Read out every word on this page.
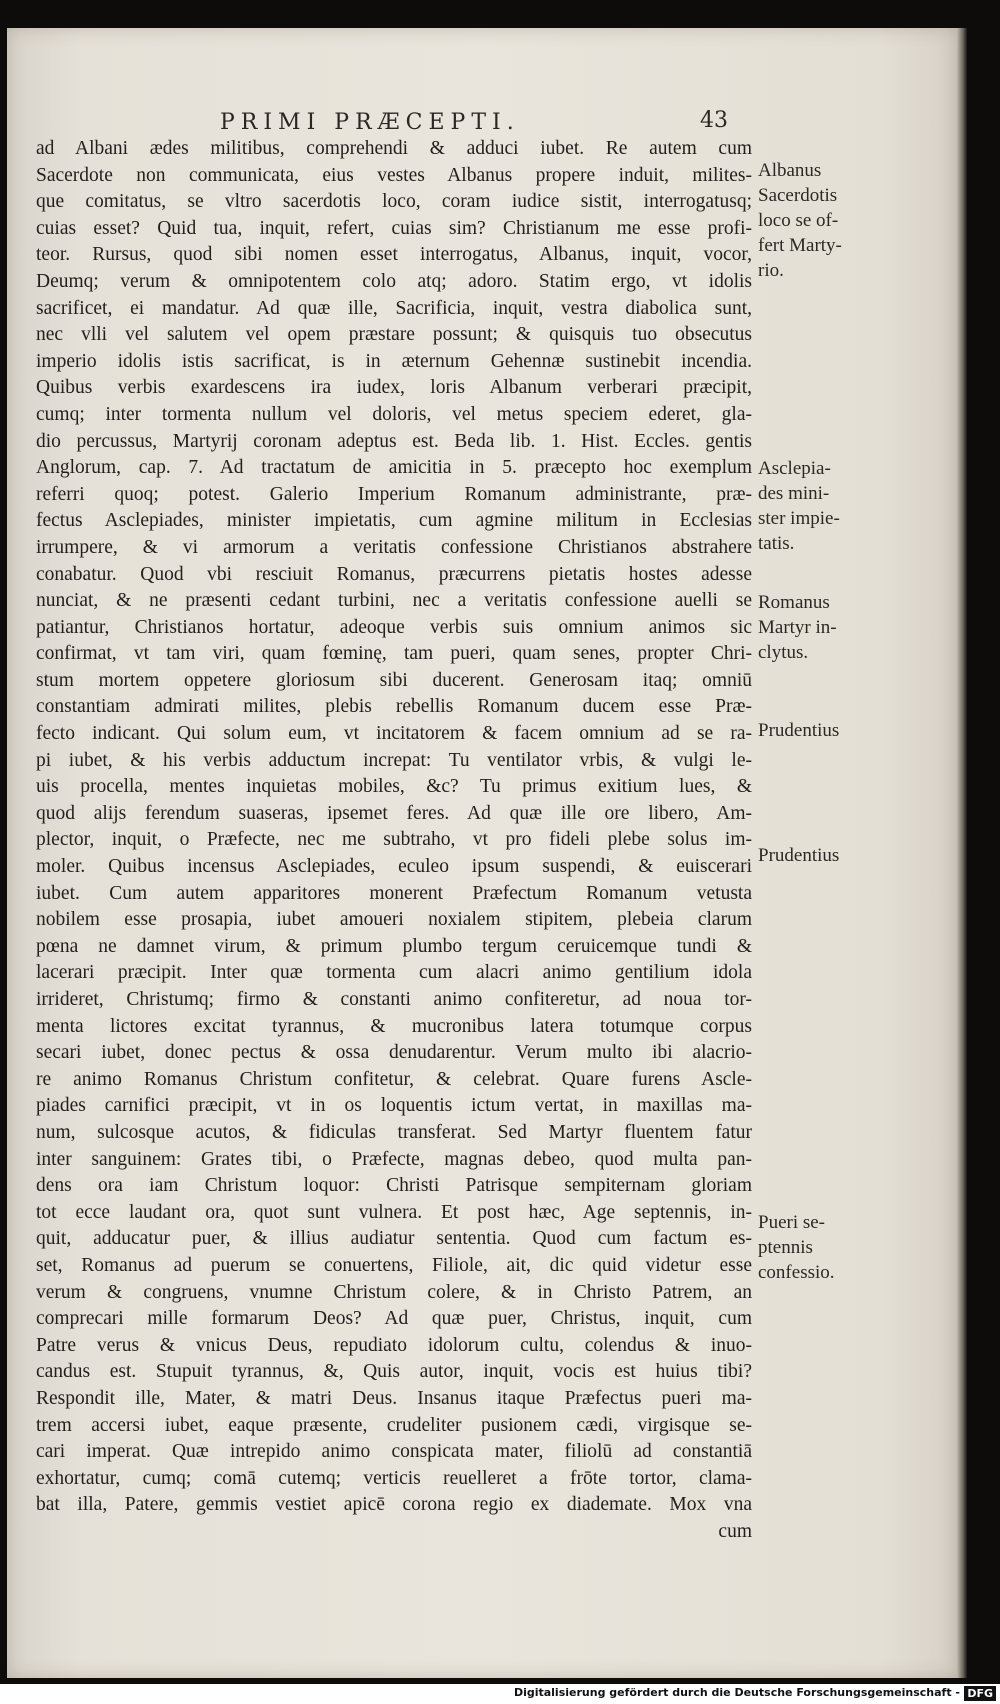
PRIMI PRÆCEPTI.	43
ad Albani ædes militibus, comprehendi & adduci iubet. Re autem cum
Sacerdote non communicata, eius vestes Albanus propere induit, milites-
que comitatus, se vltro sacerdotis loco, coram iudice sistit, interrogatusq;
cuias esset? Quid tua, inquit, refert, cuias sim? Christianum me esse profi-
teor. Rursus, quod sibi nomen esset interrogatus, Albanus, inquit, vocor,
Deumq; verum & omnipotentem colo atq; adoro. Statim ergo, vt idolis
sacrificet, ei mandatur. Ad quæ ille, Sacrificia, inquit, vestra diabolica sunt,
nec vlli vel salutem vel opem præstare possunt; & quisquis tuo obsecutus
imperio idolis istis sacrificat, is in æternum Gehennæ sustinebit incendia.
Quibus verbis exardescens ira iudex, loris Albanum verberari præcipit,
cumq; inter tormenta nullum vel doloris, vel metus speciem ederet, gla-
dio percussus, Martyrij coronam adeptus est. Beda lib. 1. Hist. Eccles. gentis
Anglorum, cap. 7. Ad tractatum de amicitia in 5. præcepto hoc exemplum
referri quoq; potest. Galerio Imperium Romanum administrante, præ-
fectus Asclepiades, minister impietatis, cum agmine militum in Ecclesias
irrumpere, & vi armorum a veritatis confessione Christianos abstrahere
conabatur. Quod vbi resciuit Romanus, præcurrens pietatis hostes adesse
nunciat, & ne præsenti cedant turbini, nec a veritatis confessione auelli se
patiantur, Christianos hortatur, adeoque verbis suis omnium animos sic
confirmat, vt tam viri, quam fœminę, tam pueri, quam senes, propter Chri-
stum mortem oppetere gloriosum sibi ducerent. Generosam itaq; omniū
constantiam admirati milites, plebis rebellis Romanum ducem esse Præ-
fecto indicant. Qui solum eum, vt incitatorem & facem omnium ad se ra-
pi iubet, & his verbis adductum increpat: Tu ventilator vrbis, & vulgi le-
uis procella, mentes inquietas mobiles, &c? Tu primus exitium lues, &
quod alijs ferendum suaseras, ipsemet feres. Ad quæ ille ore libero, Am-
plector, inquit, o Præfecte, nec me subtraho, vt pro fideli plebe solus im-
moler. Quibus incensus Asclepiades, eculeo ipsum suspendi, & euiscerari
iubet. Cum autem apparitores monerent Præfectum Romanum vetusta
nobilem esse prosapia, iubet amoueri noxialem stipitem, plebeia clarum
pœna ne damnet virum, & primum plumbo tergum ceruicemque tundi &
lacerari præcipit. Inter quæ tormenta cum alacri animo gentilium idola
irrideret, Christumq; firmo & constanti animo confiteretur, ad noua tor-
menta lictores excitat tyrannus, & mucronibus latera totumque corpus
secari iubet, donec pectus & ossa denudarentur. Verum multo ibi alacrio-
re animo Romanus Christum confitetur, & celebrat. Quare furens Ascle-
piades carnifici præcipit, vt in os loquentis ictum vertat, in maxillas ma-
num, sulcosque acutos, & fidiculas transferat. Sed Martyr fluentem fatur
inter sanguinem: Grates tibi, o Præfecte, magnas debeo, quod multa pan-
dens ora iam Christum loquor: Christi Patrisque sempiternam gloriam
tot ecce laudant ora, quot sunt vulnera. Et post hæc, Age septennis, in-
quit, adducatur puer, & illius audiatur sententia. Quod cum factum es-
set, Romanus ad puerum se conuertens, Filiole, ait, dic quid videtur esse
verum & congruens, vnumne Christum colere, & in Christo Patrem, an
comprecari mille formarum Deos? Ad quæ puer, Christus, inquit, cum
Patre verus & vnicus Deus, repudiato idolorum cultu, colendus & inuo-
candus est. Stupuit tyrannus, &, Quis autor, inquit, vocis est huius tibi?
Respondit ille, Mater, & matri Deus. Insanus itaque Præfectus pueri ma-
trem accersi iubet, eaque præsente, crudeliter pusionem cædi, virgisque se-
cari imperat. Quæ intrepido animo conspicata mater, filiolū ad constantiā
exhortatur, cumq; comā cutemq; verticis reuelleret a frōte tortor, clama-
bat illa, Patere, gemmis vestiet apicē corona regio ex diademate. Mox vna
cum
Albanus
Sacerdotis
loco se of-
fert Marty-
rio.
Asclepia-
des mini-
ster impie-
tatis.
Romanus
Martyr in-
clytus.
Prudentius
Prudentius
Pueri se-
ptennis
confessio.
Digitalisierung gefördert durch die Deutsche Forschungsgemeinschaft - DFG
